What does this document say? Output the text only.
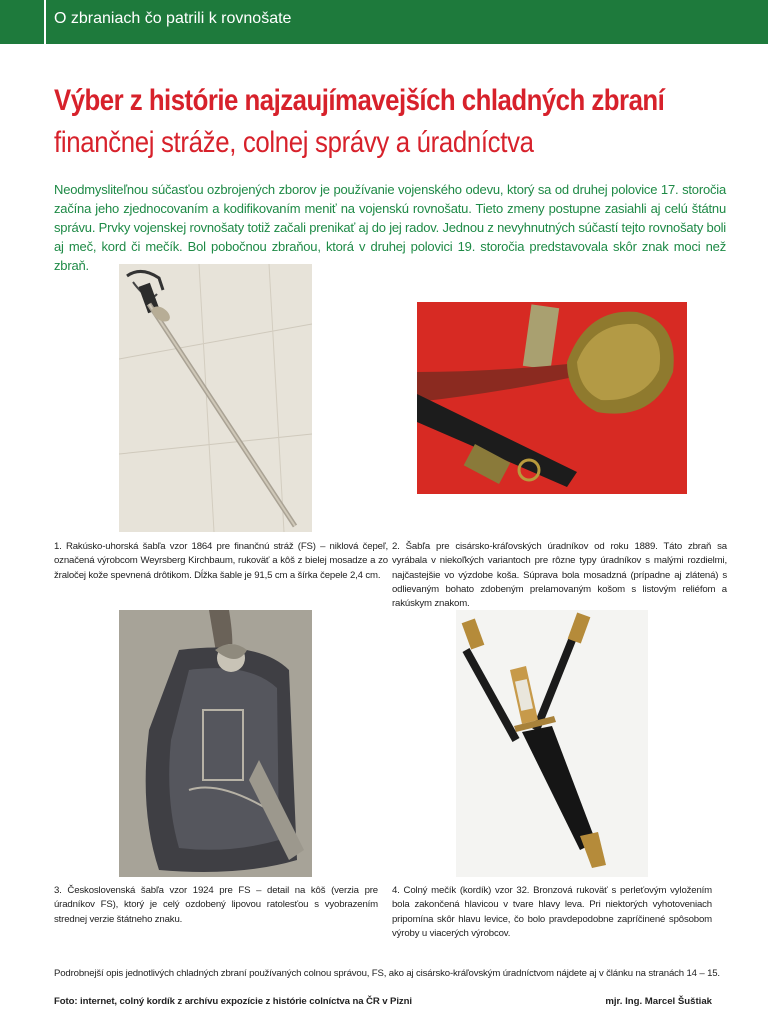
O zbraniach čo patrili k rovnošate
Výber z histórie najzaujímavejších chladných zbraní
finančnej stráže, colnej správy a úradníctva
Neodmysliteľnou súčasťou ozbrojených zborov je používanie vojenského odevu, ktorý sa od druhej polovice 17. storočia začína jeho zjednocovaním a kodifikovaním meniť na vojenskú rovnošatu. Tieto zmeny postupne zasiahli aj celú štátnu správu. Prvky vojenskej rovnošaty totiž začali prenikať aj do jej radov. Jednou z nevyhnutných súčastí tejto rovnošaty boli aj meč, kord či mečík. Bol pobočnou zbraňou, ktorá v druhej polovici 19. storočia predstavovala skôr znak moci než zbraň.
1. Rakúsko-uhorská šabľa vzor 1864 pre finančnú stráž (FS) – niklová čepeľ, označená výrobcom Weyrsberg Kirchbaum, rukoväť a kôš z bielej mosadze a zo žraločej kože spevnená drôtikom. Dĺžka šable je 91,5 cm a šírka čepele 2,4 cm.
2. Šabľa pre cisársko-kráľovských úradníkov od roku 1889. Táto zbraň sa vyrábala v niekoľkých variantoch pre rôzne typy úradníkov s malými rozdielmi, najčastejšie vo výzdobe koša. Súprava bola mosadzná (prípadne aj zlátená) s odlievaným bohato zdobeným prelamovaným košom s listovým reliéfom a rakúskym znakom.
3. Československá šabľa vzor 1924 pre FS – detail na kôš (verzia pre úradníkov FS), ktorý je celý ozdobený lipovou ratolesťou s vyobrazením strednej verzie štátneho znaku.
4. Colný mečík (kordík) vzor 32. Bronzová rukoväť s perleťovým vyložením bola zakončená hlavicou v tvare hlavy leva. Pri niektorých vyhotoveniach pripomína skôr hlavu levice, čo bolo pravdepodobne zapríčinené spôsobom výroby u viacerých výrobcov.
Podrobnejší opis jednotlivých chladných zbraní používaných colnou správou, FS, ako aj cisársko-kráľovským úradníctvom nájdete aj v článku na stranách 14 – 15.
Foto: internet, colný kordík z archívu expozície z histórie colníctva na ČR v Pizni	mjr. Ing. Marcel Šuštiak
